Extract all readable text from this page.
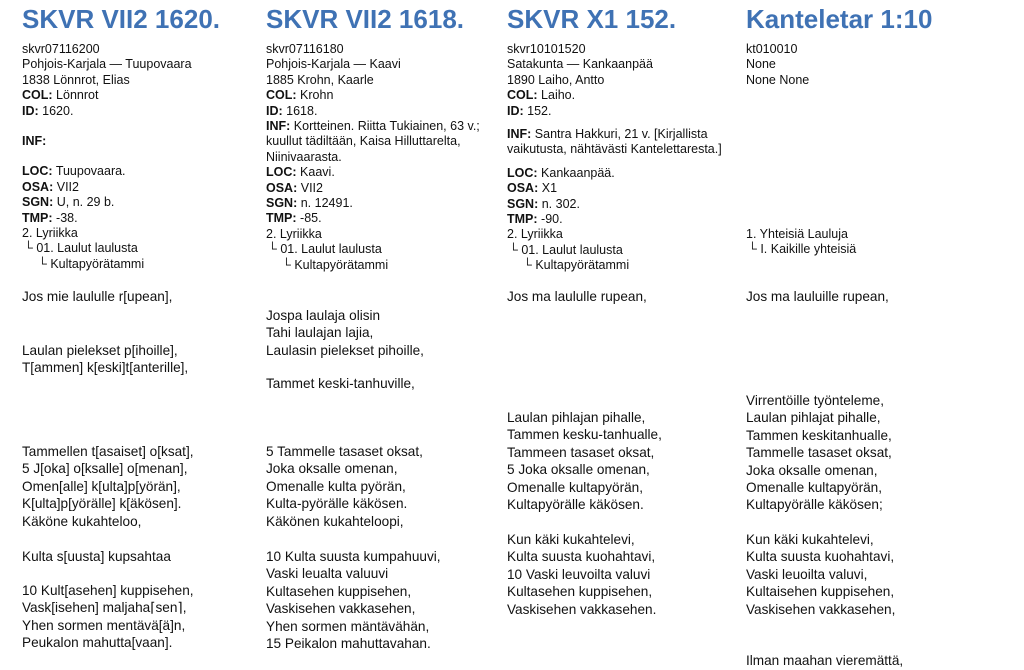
SKVR VII2 1620.
skvr07116200
Pohjois-Karjala — Tuupovaara
1838 Lönnrot, Elias
COL: Lönnrot
ID: 1620.
INF:
LOC: Tuupovaara.
OSA: VII2
SGN: U, n. 29 b.
TMP: -38.
2. Lyriikka
└ 01. Laulut laulusta
└ Kultapyörätammi
Jos mie laululle r[upean],
Laulan pielekset p[ihoille],
T[ammen] k[eski]t[anterille],
Tammellen t[asaiset] o[ksat],
5 J[oka] o[ksalle] o[menan],
Omen[alle] k[ulta]p[yörän],
K[ulta]p[yörälle] k[äkösen].
Käköne kukahteloo,
Kulta s[uusta] kupsahtaa
10 Kult[asehen] kuppisehen,
Vask[isehen] maljaha⌈sen⌉,
Yhen sormen mentävä[ä]n,
Peukalon mahutta[vaan].
SKVR VII2 1618.
skvr07116180
Pohjois-Karjala — Kaavi
1885 Krohn, Kaarle
COL: Krohn
ID: 1618.
INF: Kortteinen. Riitta Tukiainen, 63 v.; kuullut tädiltään, Kaisa Hilluttarelta, Niinivaarasta.
LOC: Kaavi.
OSA: VII2
SGN: n. 12491.
TMP: -85.
2. Lyriikka
└ 01. Laulut laulusta
└ Kultapyörätammi
Jospa laulaja olisin
Tahi laulajan lajia,
Laulasin pielekset pihoille,
Tammet keski-tanhuville,
5 Tammelle tasaset oksat,
Joka oksalle omenan,
Omenalle kulta pyörän,
Kulta-pyörälle käkösen.
Käkönen kukahteloopi,
10 Kulta suusta kumpahuuvi,
Vaski leualta valuuvi
Kultasehen kuppisehen,
Vaskisehen vakkasehen,
Yhen sormen mäntävähän,
15 Peikalon mahuttavahan.
SKVR X1 152.
skvr10101520
Satakunta — Kankaanpää
1890 Laiho, Antto
COL: Laiho.
ID: 152.
INF: Santra Hakkuri, 21 v. [Kirjallista vaikutusta, nähtävästi Kantelettaresta.]
LOC: Kankaanpää.
OSA: X1
SGN: n. 302.
TMP: -90.
2. Lyriikka
└ 01. Laulut laulusta
└ Kultapyörätammi
Jos ma laululle rupean,
Laulan pihlajan pihalle,
Tammen kesku-tanhualle,
Tammeen tasaset oksat,
5 Joka oksalle omenan,
Omenalle kultapyörän,
Kultapyörälle käkösen.
Kun käki kukahtelevi,
Kulta suusta kuohahtavi,
10 Vaski leuvoilta valuvi
Kultasehen kuppisehen,
Vaskisehen vakkasehen.
Kanteletar 1:10
kt010010
None
None None
1. Yhteisiä Lauluja
└ I. Kaikille yhteisiä
Jos ma lauluille rupean,
Virrentöille työnteleme,
Laulan pihlajat pihalle,
Tammen keskitanhualle,
Tammelle tasaset oksat,
Joka oksalle omenan,
Omenalle kultapyörän,
Kultapyörälle käkösen;
Kun käki kukahtelevi,
Kulta suusta kuohahtavi,
Vaski leuoilta valuvi,
Kultaisehen kuppisehen,
Vaskisehen vakkasehen,
Ilman maahan vieremättä,
